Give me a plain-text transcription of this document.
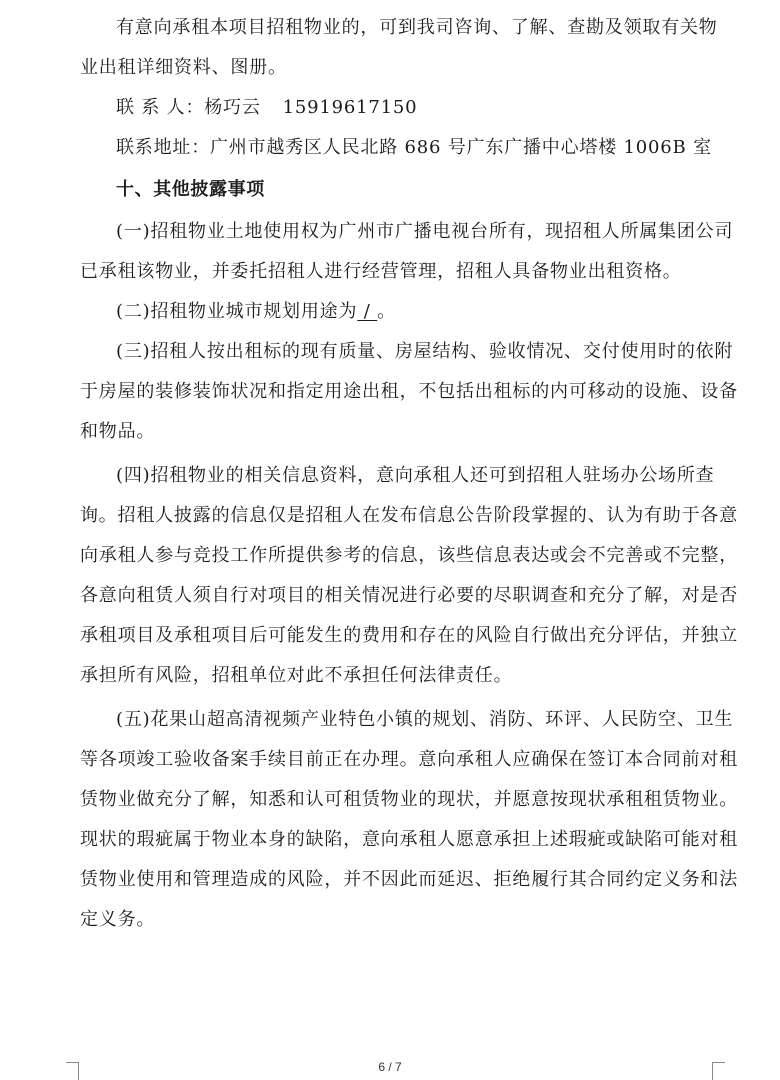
有意向承租本项目招租物业的，可到我司咨询、了解、查勘及领取有关物
业出租详细资料、图册。

联 系 人：杨巧云 15919617150

联系地址：广州市越秀区人民北路 686 号广东广播中心塔楼 1006B 室

十、其他披露事项

(一)招租物业土地使用权为广州市广播电视台所有，现招租人所属集团公司
已承租该物业，并委托招租人进行经营管理，招租人具备物业出租资格。

(二)招租物业城市规划用途为 / 。

(三)招租人按出租标的现有质量、房屋结构、验收情况、交付使用时的依附
于房屋的装修装饰状况和指定用途出租，不包括出租标的内可移动的设施、设备
和物品。

(四)招租物业的相关信息资料，意向承租人还可到招租人驻场办公场所查
询。招租人披露的信息仅是招租人在发布信息公告阶段掌握的、认为有助于各意
向承租人参与竞投工作所提供参考的信息，该些信息表达或会不完善或不完整，
各意向租赁人须自行对项目的相关情况进行必要的尽职调查和充分了解，对是否
承租项目及承租项目后可能发生的费用和存在的风险自行做出充分评估，并独立
承担所有风险，招租单位对此不承担任何法律责任。

(五)花果山超高清视频产业特色小镇的规划、消防、环评、人民防空、卫生
等各项竣工验收备案手续目前正在办理。意向承租人应确保在签订本合同前对租
赁物业做充分了解，知悉和认可租赁物业的现状，并愿意按现状承租租赁物业。
现状的瑕疵属于物业本身的缺陷，意向承租人愿意承担上述瑕疵或缺陷可能对租
赁物业使用和管理造成的风险，并不因此而延迟、拒绝履行其合同约定义务和法
定义务。

6 / 7
